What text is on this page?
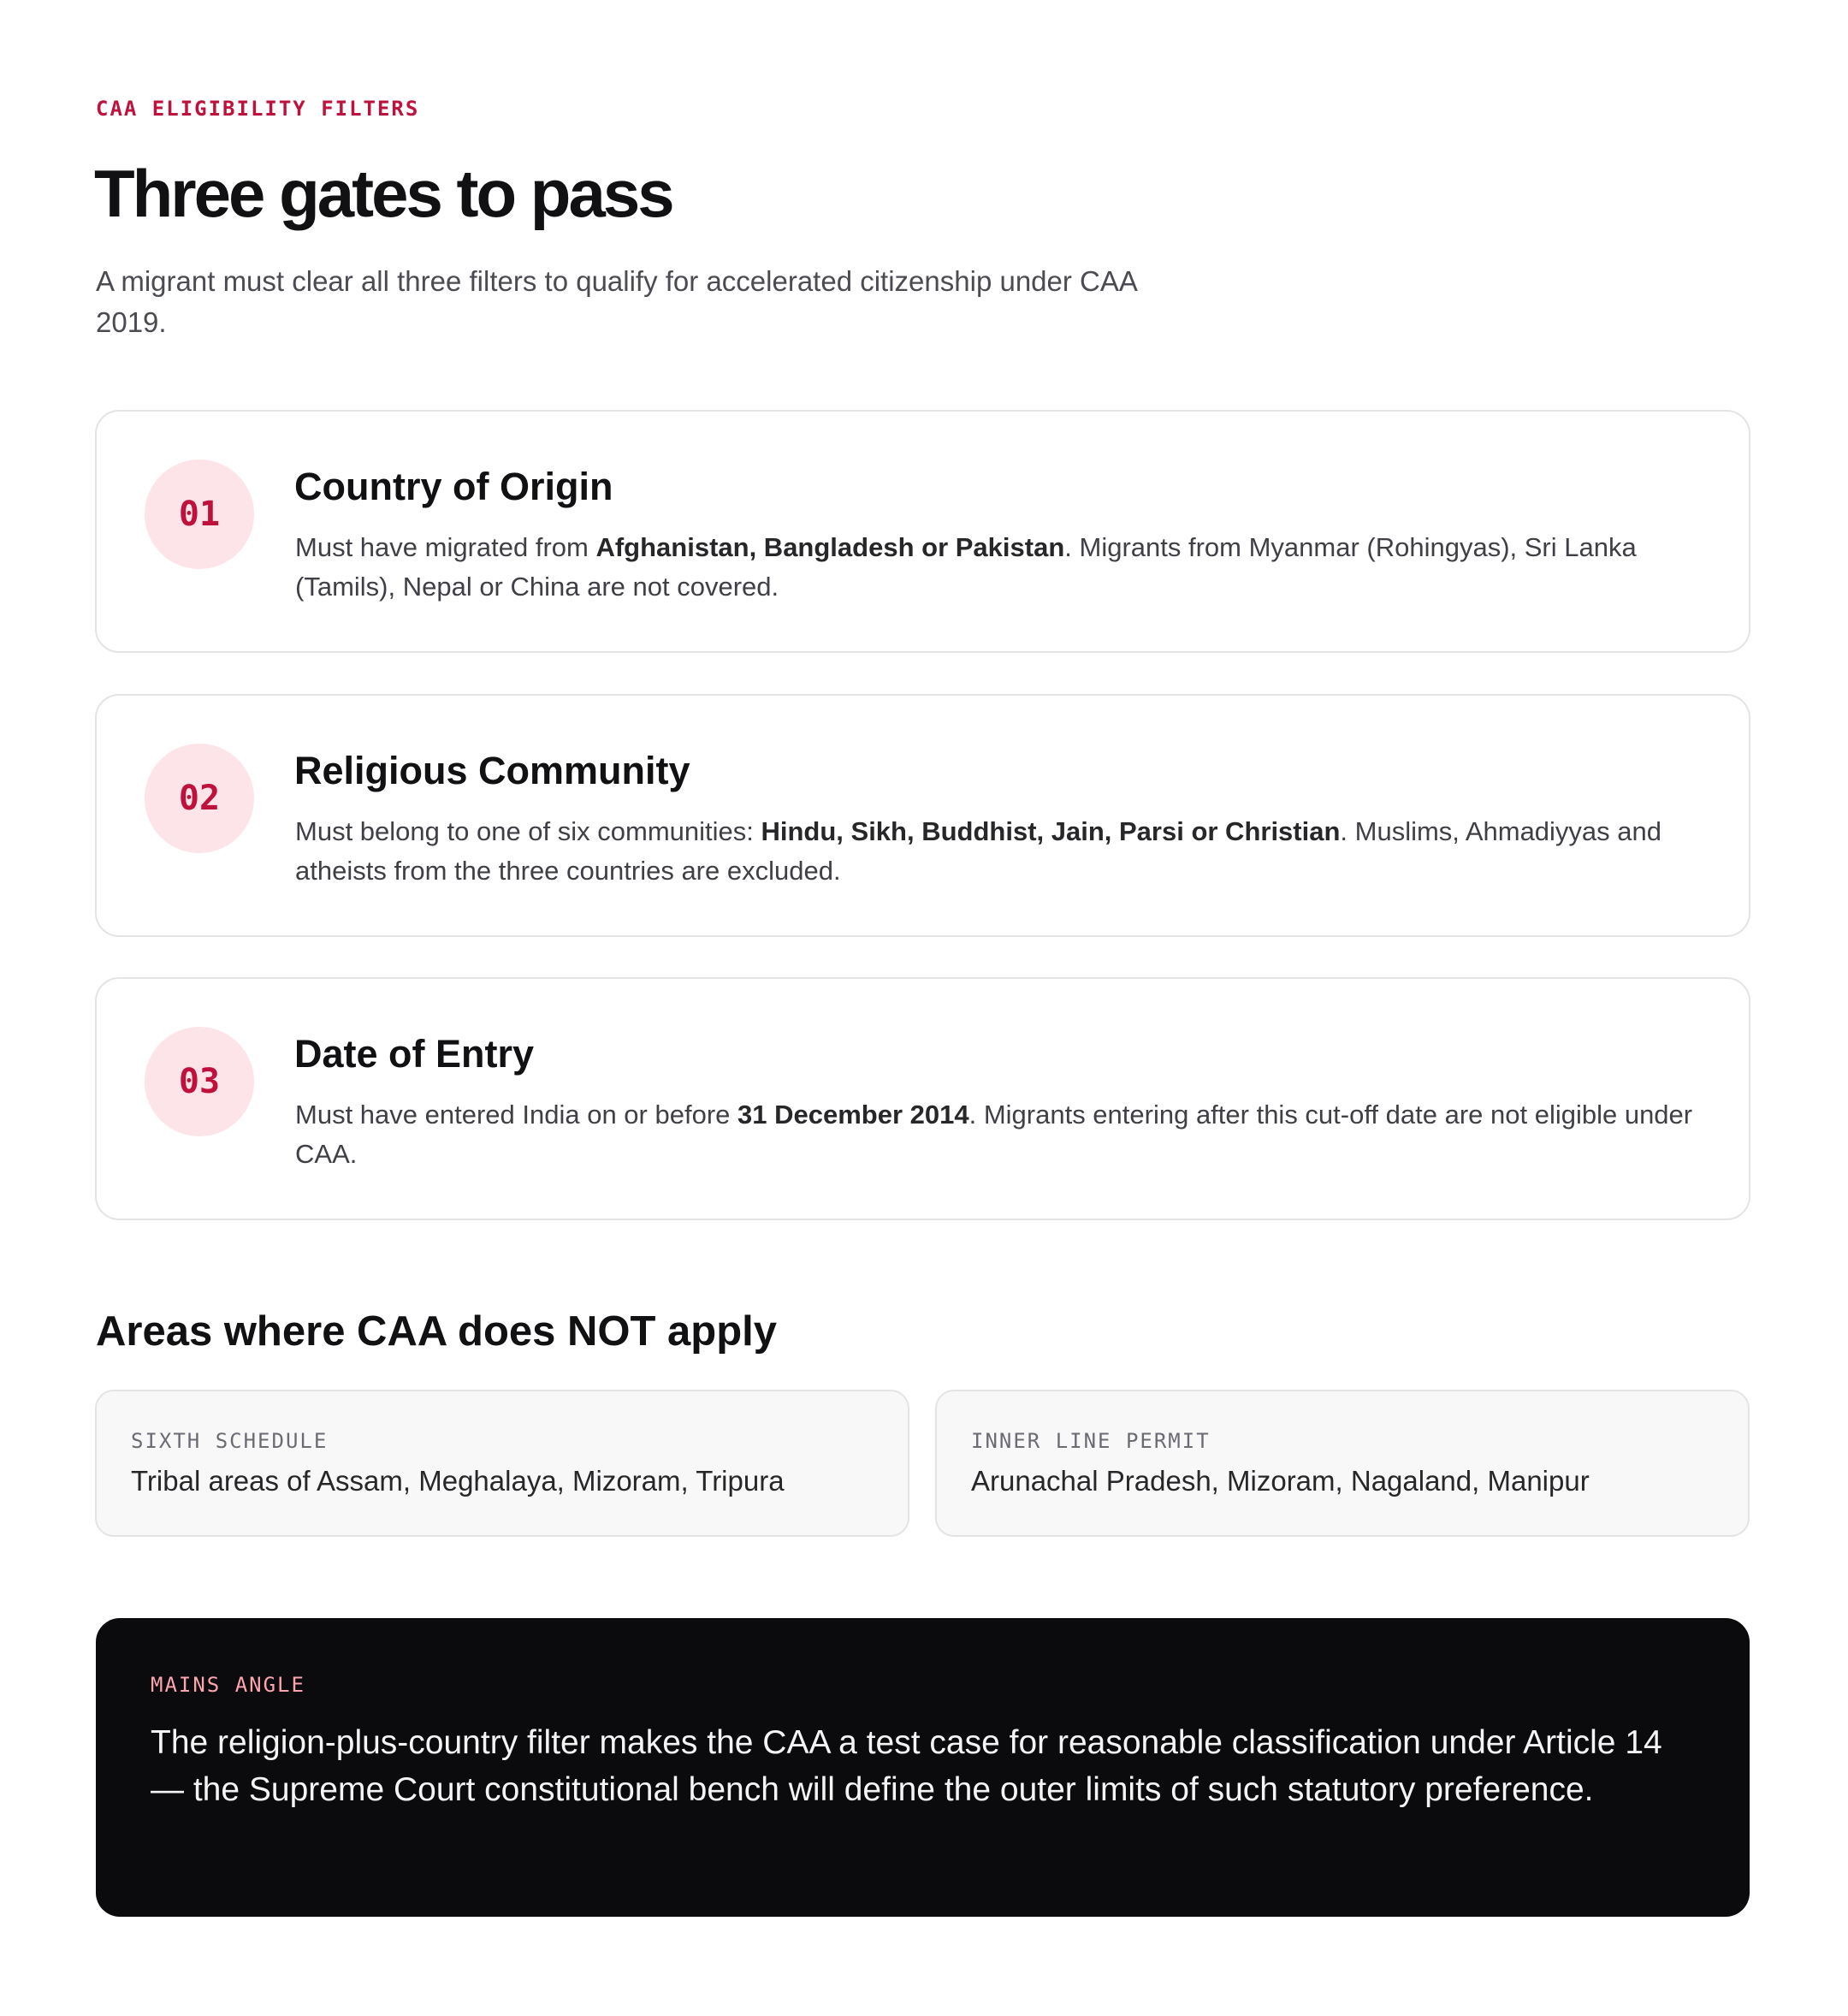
CAA ELIGIBILITY FILTERS
Three gates to pass
A migrant must clear all three filters to qualify for accelerated citizenship under CAA 2019.
01
Country of Origin

Must have migrated from Afghanistan, Bangladesh or Pakistan. Migrants from Myanmar (Rohingyas), Sri Lanka (Tamils), Nepal or China are not covered.

02
Religious Community

Must belong to one of six communities: Hindu, Sikh, Buddhist, Jain, Parsi or Christian. Muslims, Ahmadiyyas and atheists from the three countries are excluded.

03
Date of Entry

Must have entered India on or before 31 December 2014. Migrants entering after this cut-off date are not eligible under CAA.

Areas where CAA does NOT apply
SIXTH SCHEDULE
Tribal areas of Assam, Meghalaya, Mizoram, Tripura
INNER LINE PERMIT
Arunachal Pradesh, Mizoram, Nagaland, Manipur
MAINS ANGLE

The religion-plus-country filter makes the CAA a test case for reasonable classification under Article 14 — the Supreme Court constitutional bench will define the outer limits of such statutory preference.
